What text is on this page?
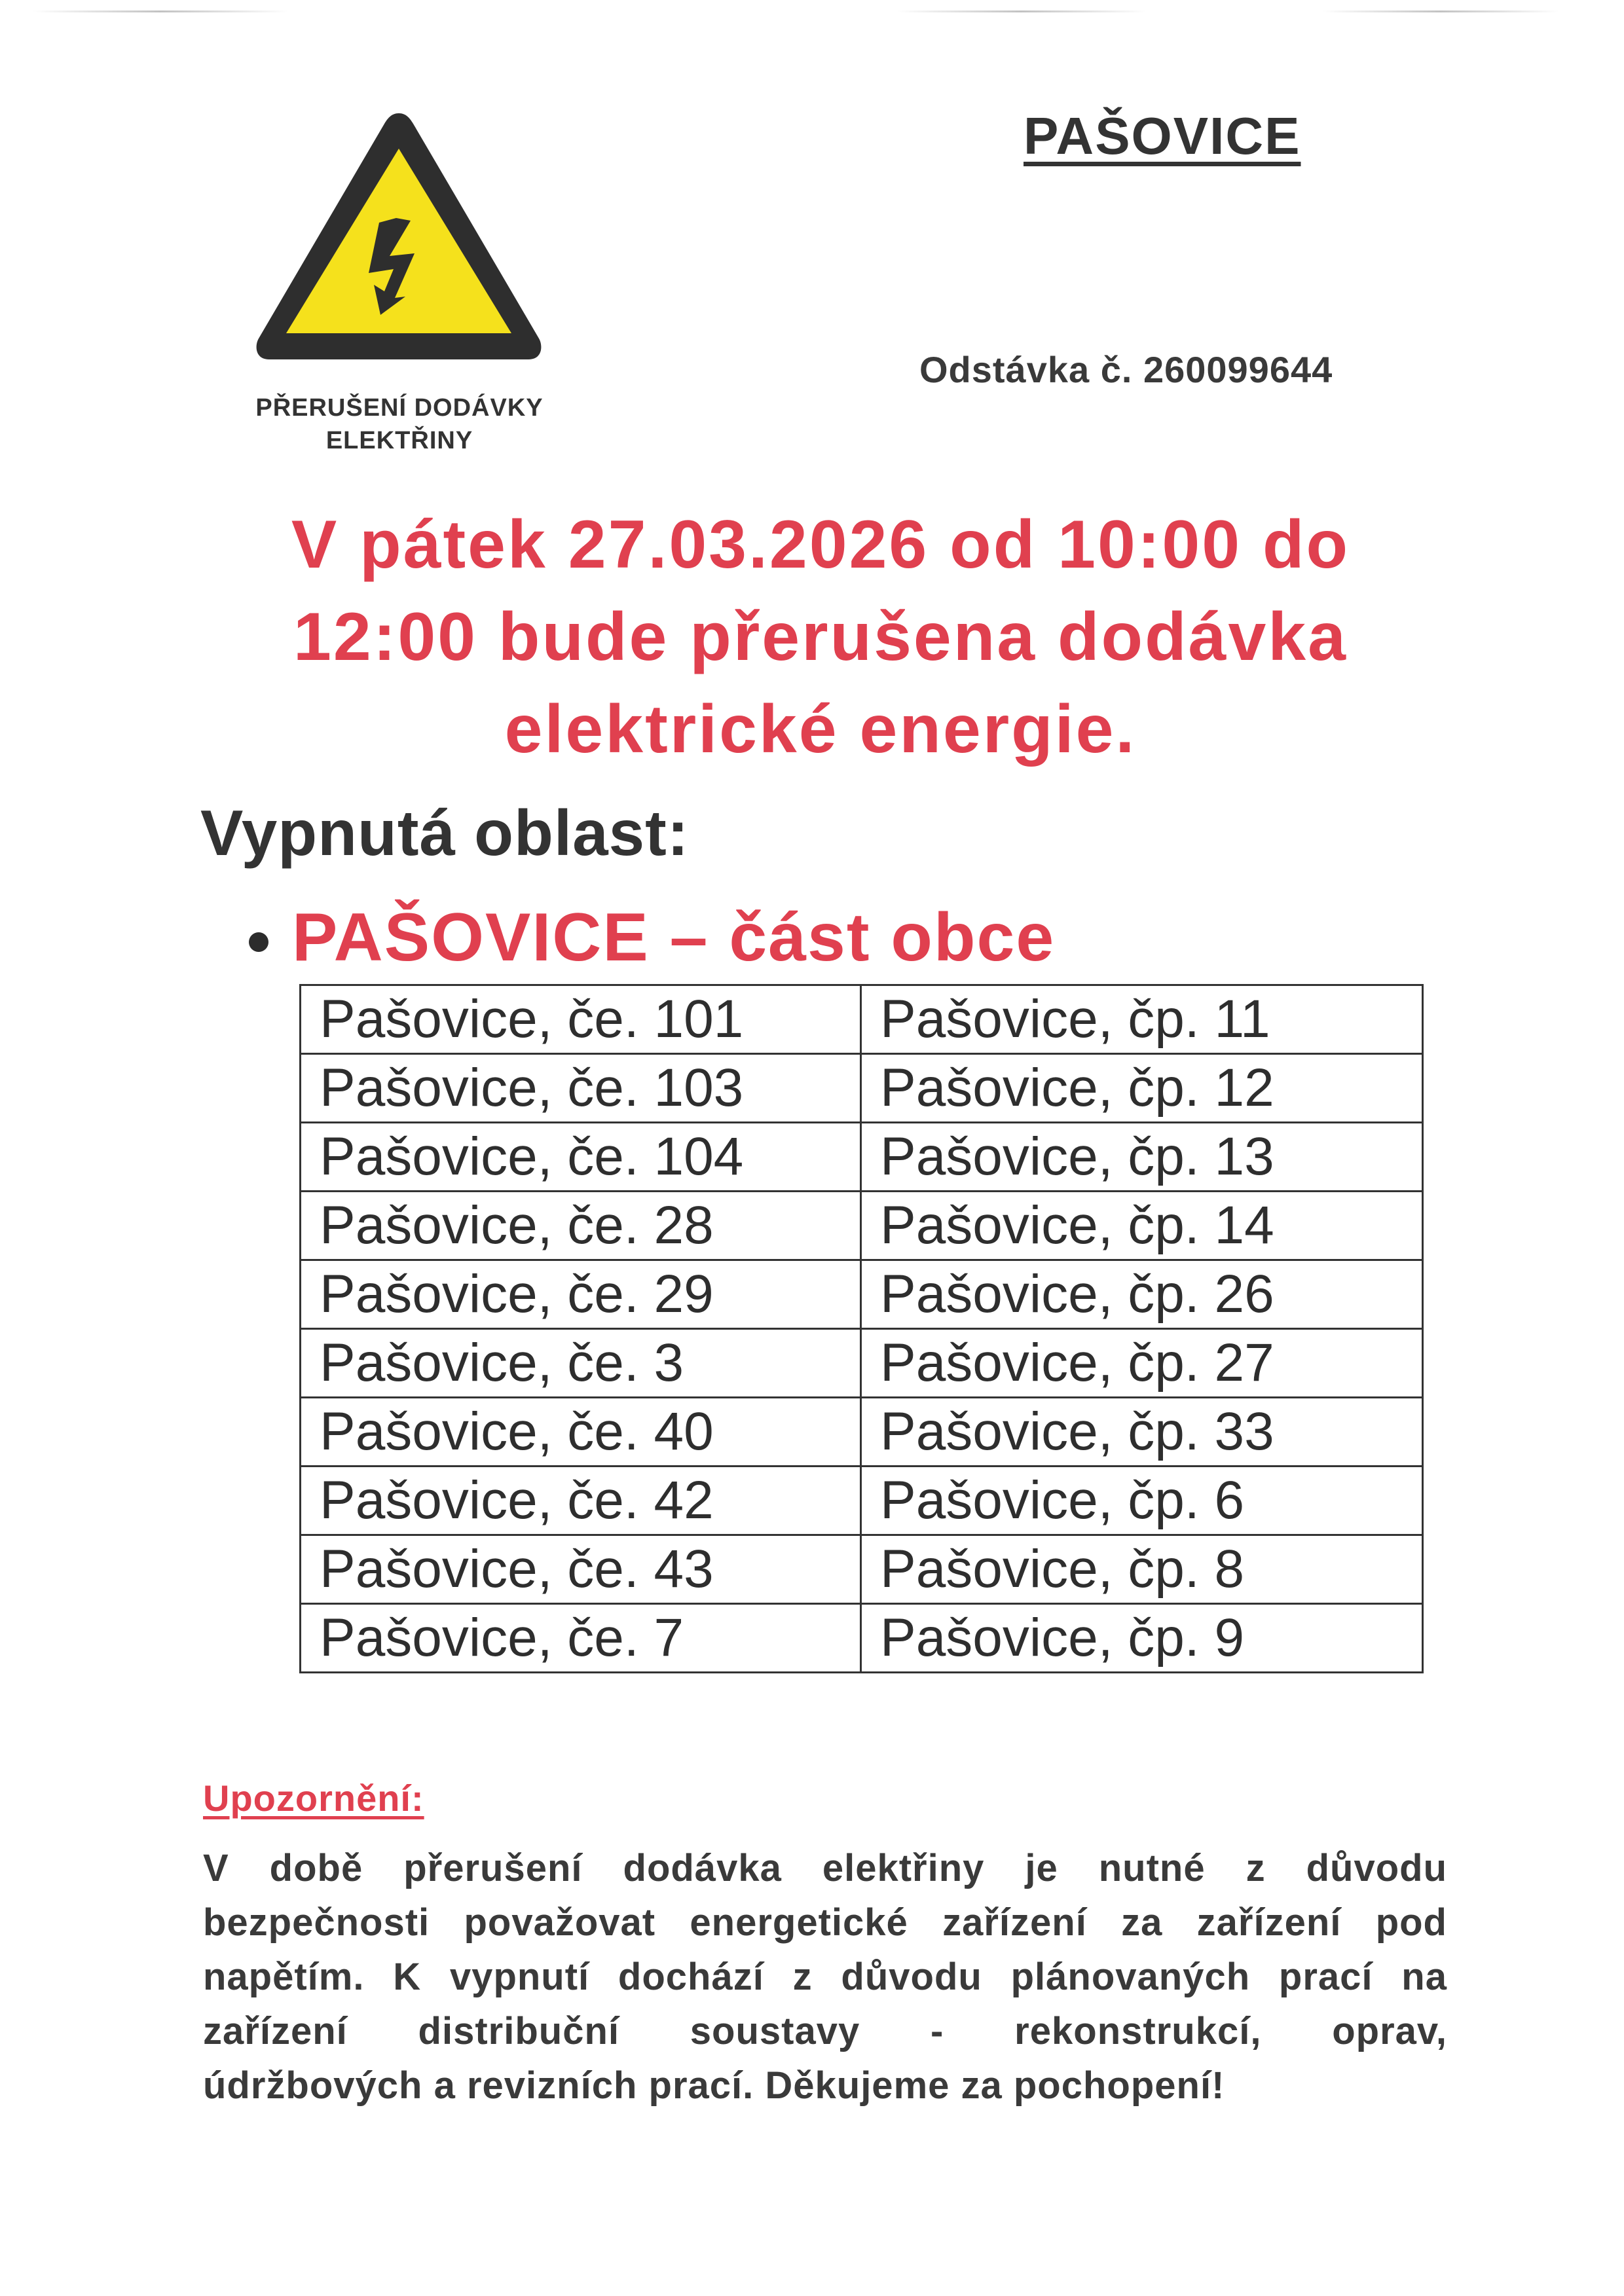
PŘERUŠENÍ DODÁVKY
ELEKTŘINY
PAŠOVICE
Odstávka č. 260099644
V pátek 27.03.2026 od 10:00 do
12:00 bude přerušena dodávka
elektrické energie.
Vypnutá oblast:
PAŠOVICE – část obce
Pašovice, če. 101	Pašovice, čp. 11
Pašovice, če. 103	Pašovice, čp. 12
Pašovice, če. 104	Pašovice, čp. 13
Pašovice, če. 28	Pašovice, čp. 14
Pašovice, če. 29	Pašovice, čp. 26
Pašovice, če. 3	Pašovice, čp. 27
Pašovice, če. 40	Pašovice, čp. 33
Pašovice, če. 42	Pašovice, čp. 6
Pašovice, če. 43	Pašovice, čp. 8
Pašovice, če. 7	Pašovice, čp. 9
Upozornění:
V době přerušení dodávka elektřiny je nutné z důvodu
bezpečnosti považovat energetické zařízení za zařízení pod
napětím. K vypnutí dochází z důvodu plánovaných prací na
zařízení distribuční soustavy - rekonstrukcí, oprav,
údržbových a revizních prací. Děkujeme za pochopení!
